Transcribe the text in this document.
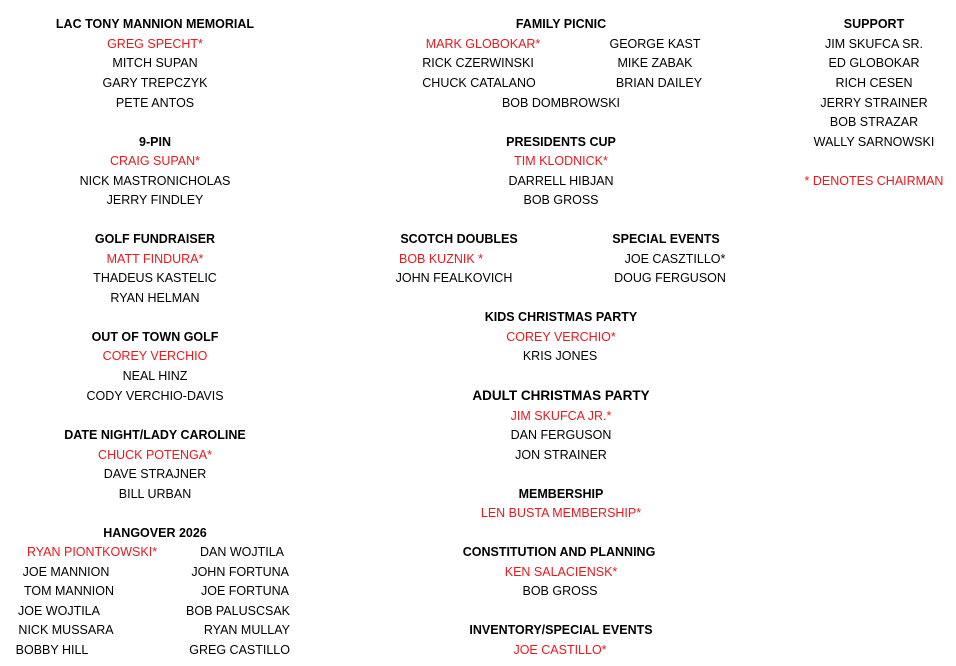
LAC TONY MANNION MEMORIAL
GREG SPECHT*
MITCH SUPAN
GARY TREPCZYK
PETE ANTOS
9-PIN
CRAIG SUPAN*
NICK MASTRONICHOLAS
JERRY FINDLEY
GOLF FUNDRAISER
MATT FINDURA*
THADEUS KASTELIC
RYAN HELMAN
OUT OF TOWN GOLF
COREY VERCHIO
NEAL HINZ
CODY VERCHIO-DAVIS
DATE NIGHT/LADY CAROLINE
CHUCK POTENGA*
DAVE STRAJNER
BILL URBAN
HANGOVER 2026
RYAN PIONTKOWSKI*
JOE MANNION
TOM MANNION
JOE WOJTILA
NICK MUSSARA
BOBBY HILL
DAN WOJTILA
JOHN FORTUNA
JOE FORTUNA
BOB PALUSCSAK
RYAN MULLAY
GREG CASTILLO
FAMILY PICNIC
MARK GLOBOKAR*
RICK CZERWINSKI
CHUCK CATALANO
GEORGE KAST
MIKE ZABAK
BRIAN DAILEY
BOB DOMBROWSKI
PRESIDENTS CUP
TIM KLODNICK*
DARRELL HIBJAN
BOB GROSS
SCOTCH DOUBLES
BOB KUZNIK *
JOHN FEALKOVICH
SPECIAL EVENTS
JOE CASZTILLO*
DOUG FERGUSON
KIDS CHRISTMAS PARTY
COREY VERCHIO*
KRIS JONES
ADULT CHRISTMAS PARTY
JIM SKUFCA JR.*
DAN FERGUSON
JON STRAINER
MEMBERSHIP
LEN BUSTA MEMBERSHIP*
CONSTITUTION AND PLANNING
KEN SALACIENSK*
BOB GROSS
INVENTORY/SPECIAL EVENTS
JOE CASTILLO*
SUPPORT
JIM SKUFCA SR.
ED GLOBOKAR
RICH CESEN
JERRY STRAINER
BOB STRAZAR
WALLY SARNOWSKI
* DENOTES CHAIRMAN
